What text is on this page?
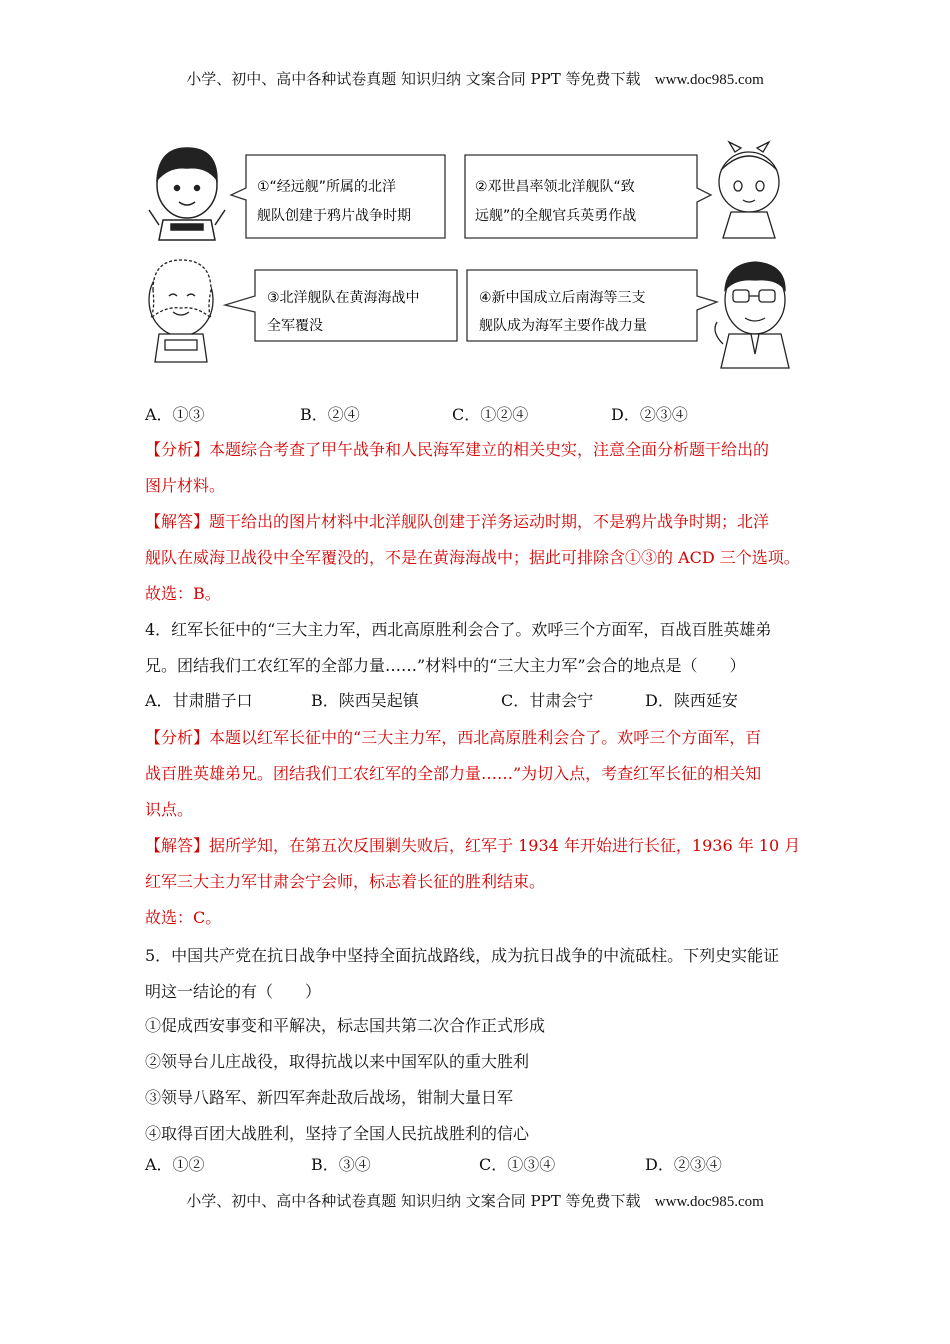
小学、初中、高中各种试卷真题 知识归纳 文案合同 PPT 等免费下载 www.doc985.com
①“经远舰”所属的北洋
舰队创建于鸦片战争时期
②邓世昌率领北洋舰队“致
远舰”的全舰官兵英勇作战
③北洋舰队在黄海海战中
全军覆没
④新中国成立后南海等三支
舰队成为海军主要作战力量
A．①③	B．②④	C．①②④	D．②③④
【分析】本题综合考查了甲午战争和人民海军建立的相关史实，注意全面分析题干给出的
图片材料。
【解答】题干给出的图片材料中北洋舰队创建于洋务运动时期，不是鸦片战争时期；北洋
舰队在威海卫战役中全军覆没的，不是在黄海海战中；据此可排除含①③的 ACD 三个选项。
故选：B。
4．红军长征中的“三大主力军，西北高原胜利会合了。欢呼三个方面军，百战百胜英雄弟
兄。团结我们工农红军的全部力量……”材料中的“三大主力军”会合的地点是（　　）
A．甘肃腊子口	B．陕西吴起镇	C．甘肃会宁	D．陕西延安
【分析】本题以红军长征中的“三大主力军，西北高原胜利会合了。欢呼三个方面军，百
战百胜英雄弟兄。团结我们工农红军的全部力量……”为切入点，考查红军长征的相关知
识点。
【解答】据所学知，在第五次反围剿失败后，红军于 1934 年开始进行长征，1936 年 10 月
红军三大主力军甘肃会宁会师，标志着长征的胜利结束。
故选：C。
5．中国共产党在抗日战争中坚持全面抗战路线，成为抗日战争的中流砥柱。下列史实能证
明这一结论的有（　　）
①促成西安事变和平解决，标志国共第二次合作正式形成
②领导台儿庄战役，取得抗战以来中国军队的重大胜利
③领导八路军、新四军奔赴敌后战场，钳制大量日军
④取得百团大战胜利，坚持了全国人民抗战胜利的信心
A．①②	B．③④	C．①③④	D．②③④
小学、初中、高中各种试卷真题 知识归纳 文案合同 PPT 等免费下载 www.doc985.com
